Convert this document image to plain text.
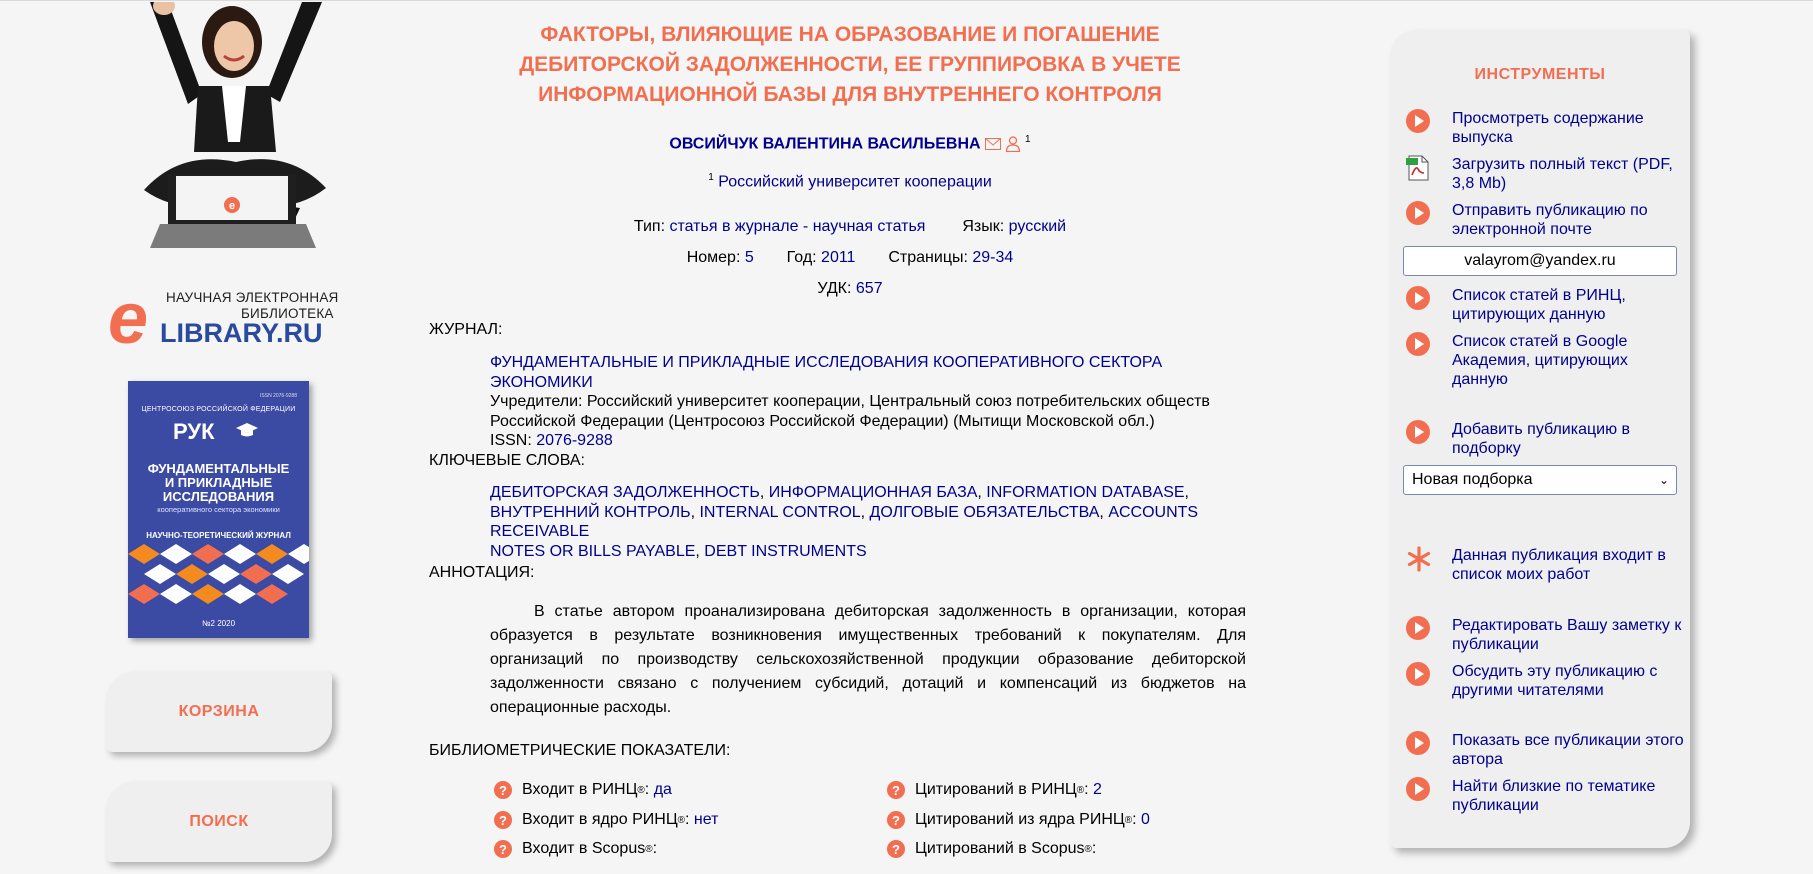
e
e НАУЧНАЯ ЭЛЕКТРОННАЯ
БИБЛИОТЕКА
LIBRARY.RU
ISSN 2076-9288
ЦЕНТРОСОЮЗ РОССИЙСКОЙ ФЕДЕРАЦИИ
РУК
ФУНДАМЕНТАЛЬНЫЕ
И ПРИКЛАДНЫЕ
ИССЛЕДОВАНИЯ
кооперативного сектора экономики
НАУЧНО-ТЕОРЕТИЧЕСКИЙ ЖУРНАЛ
№2 2020
КОРЗИНА
ПОИСК
ФАКТОРЫ, ВЛИЯЮЩИЕ НА ОБРАЗОВАНИЕ И ПОГАШЕНИЕ
ДЕБИТОРСКОЙ ЗАДОЛЖЕННОСТИ, ЕЕ ГРУППИРОВКА В УЧЕТЕ
ИНФОРМАЦИОННОЙ БАЗЫ ДЛЯ ВНУТРЕННЕГО КОНТРОЛЯ
ОВСИЙЧУК ВАЛЕНТИНА ВАСИЛЬЕВНА	$^1$
$^1$ Российский университет кооперации
Тип: статья в журнале - научная статья Язык: русский
Номер: 5 Год: 2011 Страницы: 29-34
УДК: 657
ЖУРНАЛ:
ФУНДАМЕНТАЛЬНЫЕ И ПРИКЛАДНЫЕ ИССЛЕДОВАНИЯ КООПЕРАТИВНОГО СЕКТОРА ЭКОНОМИКИ
Учредители: Российский университет кооперации, Центральный союз потребительских обществ
Российской Федерации (Центросоюз Российской Федерации) (Мытищи Московской обл.)
ISSN: 2076-9288
КЛЮЧЕВЫЕ СЛОВА:
ДЕБИТОРСКАЯ ЗАДОЛЖЕННОСТЬ, ИНФОРМАЦИОННАЯ БАЗА, INFORMATION DATABASE,
ВНУТРЕННИЙ КОНТРОЛЬ, INTERNAL CONTROL, ДОЛГОВЫЕ ОБЯЗАТЕЛЬСТВА, ACCOUNTS RECEIVABLE
NOTES OR BILLS PAYABLE, DEBT INSTRUMENTS
АННОТАЦИЯ:
В статье автором проанализирована дебиторская задолженность в организации, которая образуется в результате возникновения имущественных требований к покупателям. Для организаций по производству сельскохозяйственной продукции образование дебиторской задолженности связано с получением субсидий, дотаций и компенсаций из бюджетов на операционные расходы.
БИБЛИОМЕТРИЧЕСКИЕ ПОКАЗАТЕЛИ:
? Входит в РИНЦ ® : да
? Входит в ядро РИНЦ ® : нет
? Входит в Scopus ® :
? Цитирований в РИНЦ ® : 2
? Цитирований из ядра РИНЦ ® : 0
? Цитирований в Scopus ® :
ИНСТРУМЕНТЫ
Просмотреть содержание выпуска
Загрузить полный текст (PDF, 3,8 Mb)
Отправить публикацию по электронной почте
valayrom@yandex.ru
Список статей в РИНЦ, цитирующих данную
Список статей в Google Академия, цитирующих данную
Добавить публикацию в подборку
Новая подборка	⌄
Данная публикация входит в список моих работ
Редактировать Вашу заметку к публикации
Обсудить эту публикацию с другими читателями
Показать все публикации этого автора
Найти близкие по тематике публикации
